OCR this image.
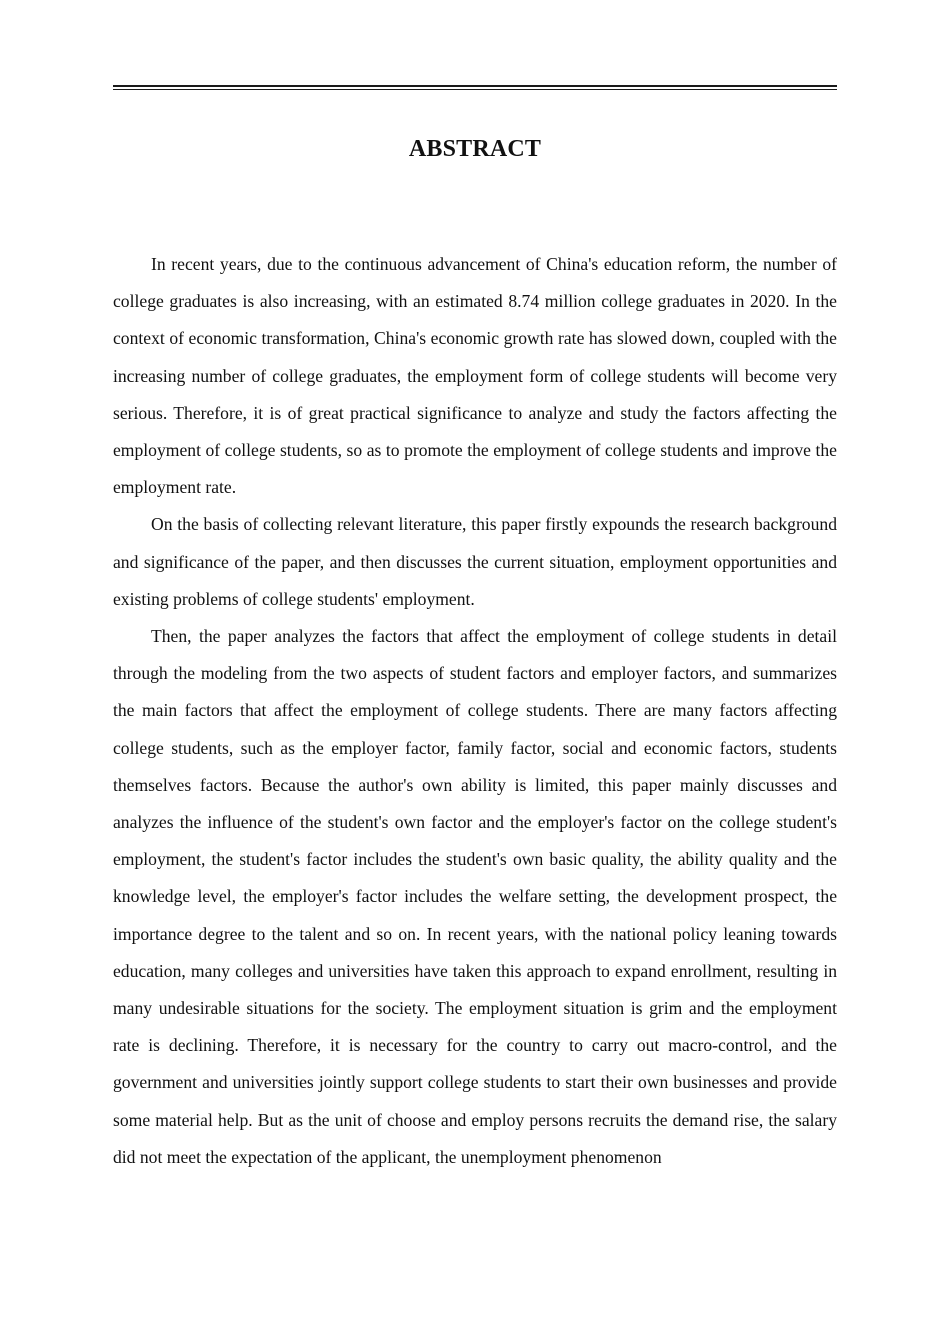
ABSTRACT

In recent years, due to the continuous advancement of China's education reform, the number of college graduates is also increasing, with an estimated 8.74 million college graduates in 2020. In the context of economic transformation, China's economic growth rate has slowed down, coupled with the increasing number of college graduates, the employment form of college students will become very serious. Therefore, it is of great practical significance to analyze and study the factors affecting the employment of college students, so as to promote the employment of college students and improve the employment rate.

On the basis of collecting relevant literature, this paper firstly expounds the research background and significance of the paper, and then discusses the current situation, employment opportunities and existing problems of college students' employment.

Then, the paper analyzes the factors that affect the employment of college students in detail through the modeling from the two aspects of student factors and employer factors, and summarizes the main factors that affect the employment of college students. There are many factors affecting college students, such as the employer factor, family factor, social and economic factors, students themselves factors. Because the author's own ability is limited, this paper mainly discusses and analyzes the influence of the student's own factor and the employer's factor on the college student's employment, the student's factor includes the student's own basic quality, the ability quality and the knowledge level, the employer's factor includes the welfare setting, the development prospect, the importance degree to the talent and so on. In recent years, with the national policy leaning towards education, many colleges and universities have taken this approach to expand enrollment, resulting in many undesirable situations for the society. The employment situation is grim and the employment rate is declining. Therefore, it is necessary for the country to carry out macro-control, and the government and universities jointly support college students to start their own businesses and provide some material help. But as the unit of choose and employ persons recruits the demand rise, the salary did not meet the expectation of the applicant, the unemployment phenomenon
